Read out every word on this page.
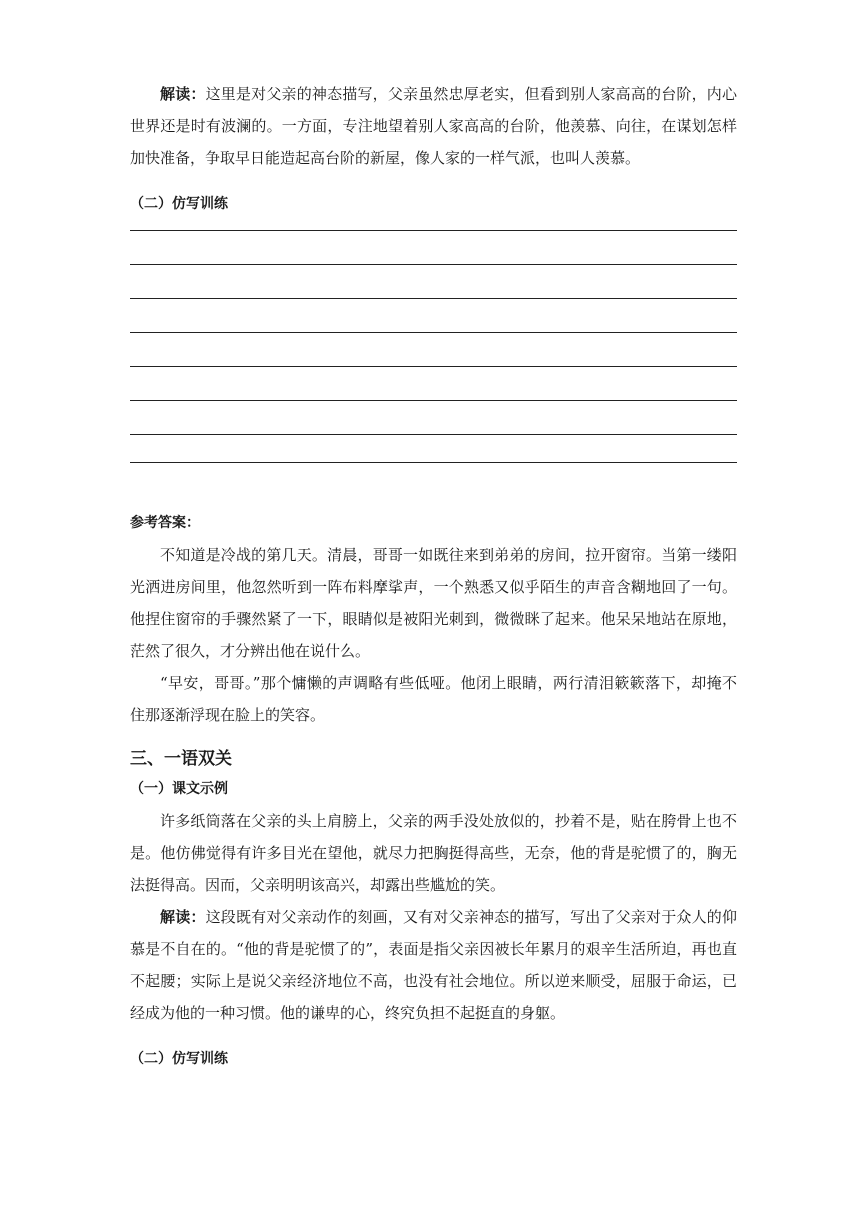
解读：这里是对父亲的神态描写，父亲虽然忠厚老实，但看到别人家高高的台阶，内心世界还是时有波澜的。一方面，专注地望着别人家高高的台阶，他羡慕、向往，在谋划怎样加快准备，争取早日能造起高台阶的新屋，像人家的一样气派，也叫人羡慕。

（二）仿写训练

参考答案：

不知道是冷战的第几天。清晨，哥哥一如既往来到弟弟的房间，拉开窗帘。当第一缕阳光洒进房间里，他忽然听到一阵布料摩挲声，一个熟悉又似乎陌生的声音含糊地回了一句。他捏住窗帘的手骤然紧了一下，眼睛似是被阳光刺到，微微眯了起来。他呆呆地站在原地，茫然了很久，才分辨出他在说什么。

“早安，哥哥。”那个慵懒的声调略有些低哑。他闭上眼睛，两行清泪簌簌落下，却掩不住那逐渐浮现在脸上的笑容。

三、一语双关

（一）课文示例

许多纸筒落在父亲的头上肩膀上，父亲的两手没处放似的，抄着不是，贴在胯骨上也不是。他仿佛觉得有许多目光在望他，就尽力把胸挺得高些，无奈，他的背是驼惯了的，胸无法挺得高。因而，父亲明明该高兴，却露出些尴尬的笑。

解读：这段既有对父亲动作的刻画，又有对父亲神态的描写，写出了父亲对于众人的仰慕是不自在的。“他的背是驼惯了的”，表面是指父亲因被长年累月的艰辛生活所迫，再也直不起腰；实际上是说父亲经济地位不高，也没有社会地位。所以逆来顺受，屈服于命运，已经成为他的一种习惯。他的谦卑的心，终究负担不起挺直的身躯。

（二）仿写训练
